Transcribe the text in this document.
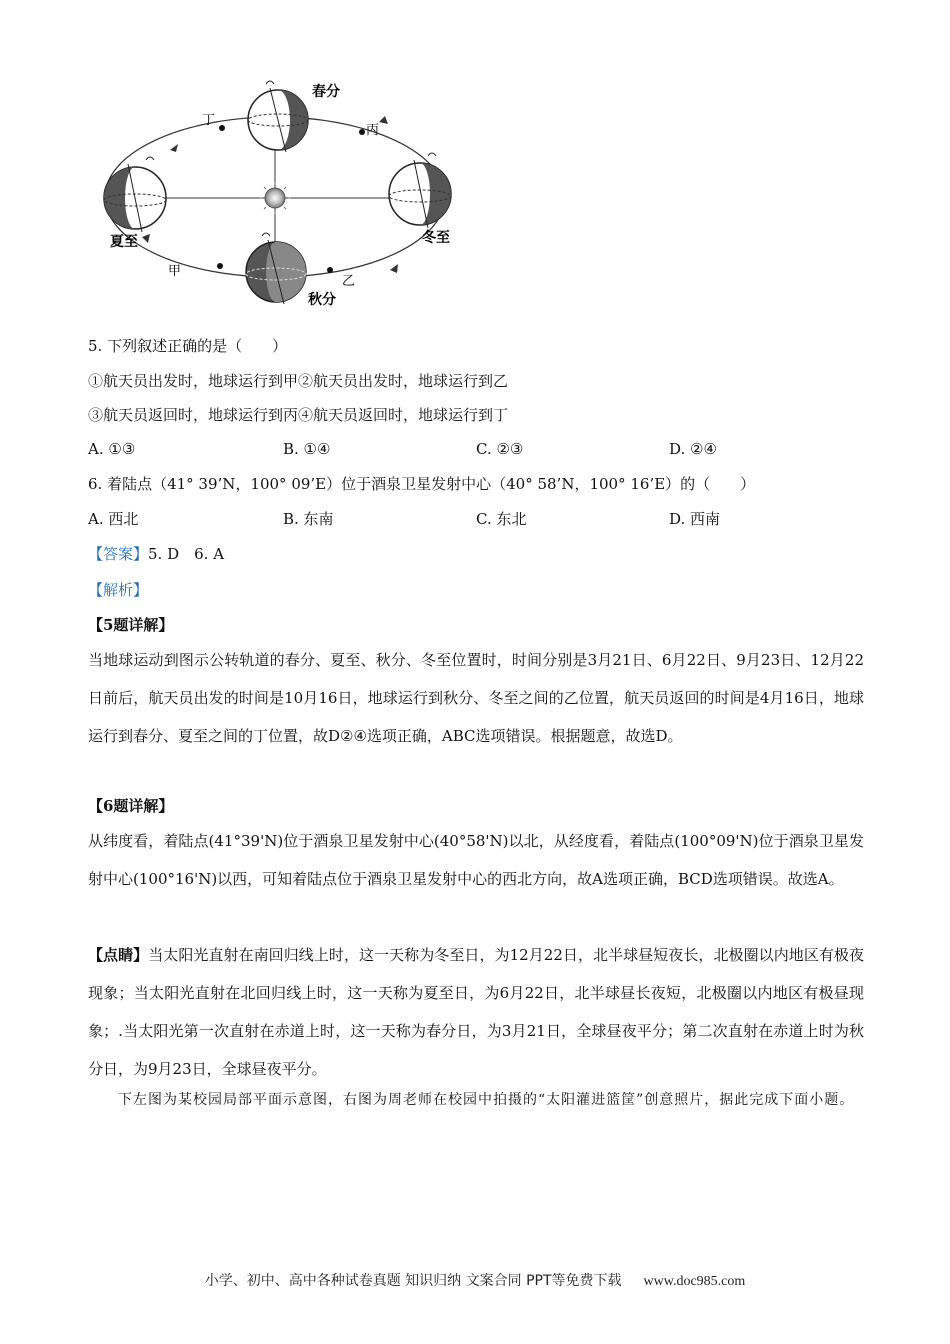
春分
夏至
秋分
冬至
甲
乙
丙
丁
5. 下列叙述正确的是（　　）
①航天员出发时，地球运行到甲②航天员出发时，地球运行到乙
③航天员返回时，地球运行到丙④航天员返回时，地球运行到丁
A. ①③	B. ①④	C. ②③	D. ②④
6. 着陆点（41° 39’N，100° 09’E）位于酒泉卫星发射中心（40° 58’N，100° 16’E）的（　　）
A. 西北	B. 东南	C. 东北	D. 西南
【答案】5. D　6. A
【解析】
【5题详解】
当地球运动到图示公转轨道的春分、夏至、秋分、冬至位置时，时间分别是3月21日、6月22日、9月23日、12月22日前后，航天员出发的时间是10月16日，地球运行到秋分、冬至之间的乙位置，航天员返回的时间是4月16日，地球运行到春分、夏至之间的丁位置，故D②④选项正确，ABC选项错误。根据题意，故选D。
【6题详解】
从纬度看，着陆点(41°39'N)位于酒泉卫星发射中心(40°58'N)以北，从经度看，着陆点(100°09'N)位于酒泉卫星发射中心(100°16'N)以西，可知着陆点位于酒泉卫星发射中心的西北方向，故A选项正确，BCD选项错误。故选A。
【点睛】当太阳光直射在南回归线上时，这一天称为冬至日，为12月22日，北半球昼短夜长，北极圈以内地区有极夜现象；当太阳光直射在北回归线上时，这一天称为夏至日，为6月22日，北半球昼长夜短，北极圈以内地区有极昼现象；.当太阳光第一次直射在赤道上时，这一天称为春分日，为3月21日，全球昼夜平分；第二次直射在赤道上时为秋分日，为9月23日，全球昼夜平分。
下左图为某校园局部平面示意图，右图为周老师在校园中拍摄的“太阳灌进篮筐”创意照片，据此完成下面小题。
小学、初中、高中各种试卷真题 知识归纳 文案合同 PPT等免费下载 www.doc985.com
